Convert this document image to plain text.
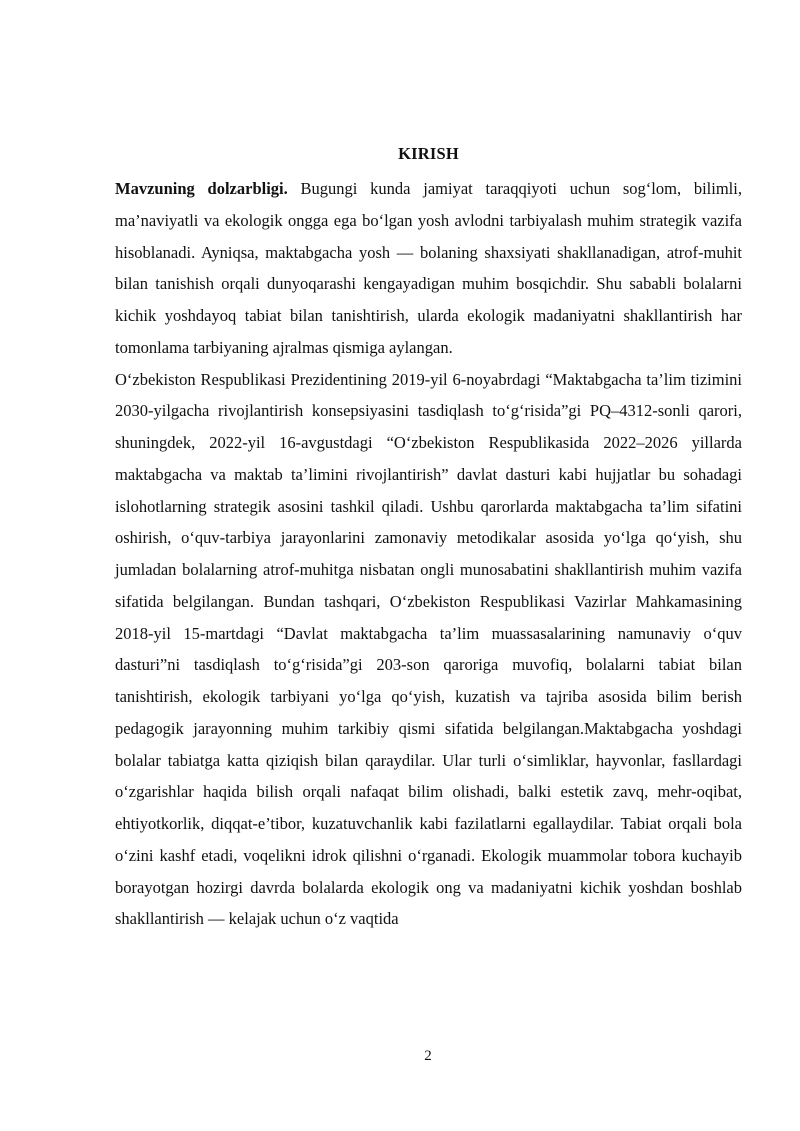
KIRISH

Mavzuning dolzarbligi. Bugungi kunda jamiyat taraqqiyoti uchun sog‘lom, bilimli, ma’naviyatli va ekologik ongga ega bo‘lgan yosh avlodni tarbiyalash muhim strategik vazifa hisoblanadi. Ayniqsa, maktabgacha yosh — bolaning shaxsiyati shakllanadigan, atrof-muhit bilan tanishish orqali dunyoqarashi kengayadigan muhim bosqichdir. Shu sababli bolalarni kichik yoshdayoq tabiat bilan tanishtirish, ularda ekologik madaniyatni shakllantirish har tomonlama tarbiyaning ajralmas qismiga aylangan.

O‘zbekiston Respublikasi Prezidentining 2019-yil 6-noyabrdagi “Maktabgacha ta’lim tizimini 2030-yilgacha rivojlantirish konsepsiyasini tasdiqlash to‘g‘risida”gi PQ–4312-sonli qarori, shuningdek, 2022-yil 16-avgustdagi “O‘zbekiston Respublikasida 2022–2026 yillarda maktabgacha va maktab ta’limini rivojlantirish” davlat dasturi kabi hujjatlar bu sohadagi islohotlarning strategik asosini tashkil qiladi. Ushbu qarorlarda maktabgacha ta’lim sifatini oshirish, o‘quv-tarbiya jarayonlarini zamonaviy metodikalar asosida yo‘lga qo‘yish, shu jumladan bolalarning atrof-muhitga nisbatan ongli munosabatini shakllantirish muhim vazifa sifatida belgilangan. Bundan tashqari, O‘zbekiston Respublikasi Vazirlar Mahkamasining 2018-yil 15-martdagi “Davlat maktabgacha ta’lim muassasalarining namunaviy o‘quv dasturi”ni tasdiqlash to‘g‘risida”gi 203-son qaroriga muvofiq, bolalarni tabiat bilan tanishtirish, ekologik tarbiyani yo‘lga qo‘yish, kuzatish va tajriba asosida bilim berish pedagogik jarayonning muhim tarkibiy qismi sifatida belgilangan.Maktabgacha yoshdagi bolalar tabiatga katta qiziqish bilan qaraydilar. Ular turli o‘simliklar, hayvonlar, fasllardagi o‘zgarishlar haqida bilish orqali nafaqat bilim olishadi, balki estetik zavq, mehr-oqibat, ehtiyotkorlik, diqqat-e’tibor, kuzatuvchanlik kabi fazilatlarni egallaydilar. Tabiat orqali bola o‘zini kashf etadi, voqelikni idrok qilishni o‘rganadi. Ekologik muammolar tobora kuchayib borayotgan hozirgi davrda bolalarda ekologik ong va madaniyatni kichik yoshdan boshlab shakllantirish — kelajak uchun o‘z vaqtida

2
